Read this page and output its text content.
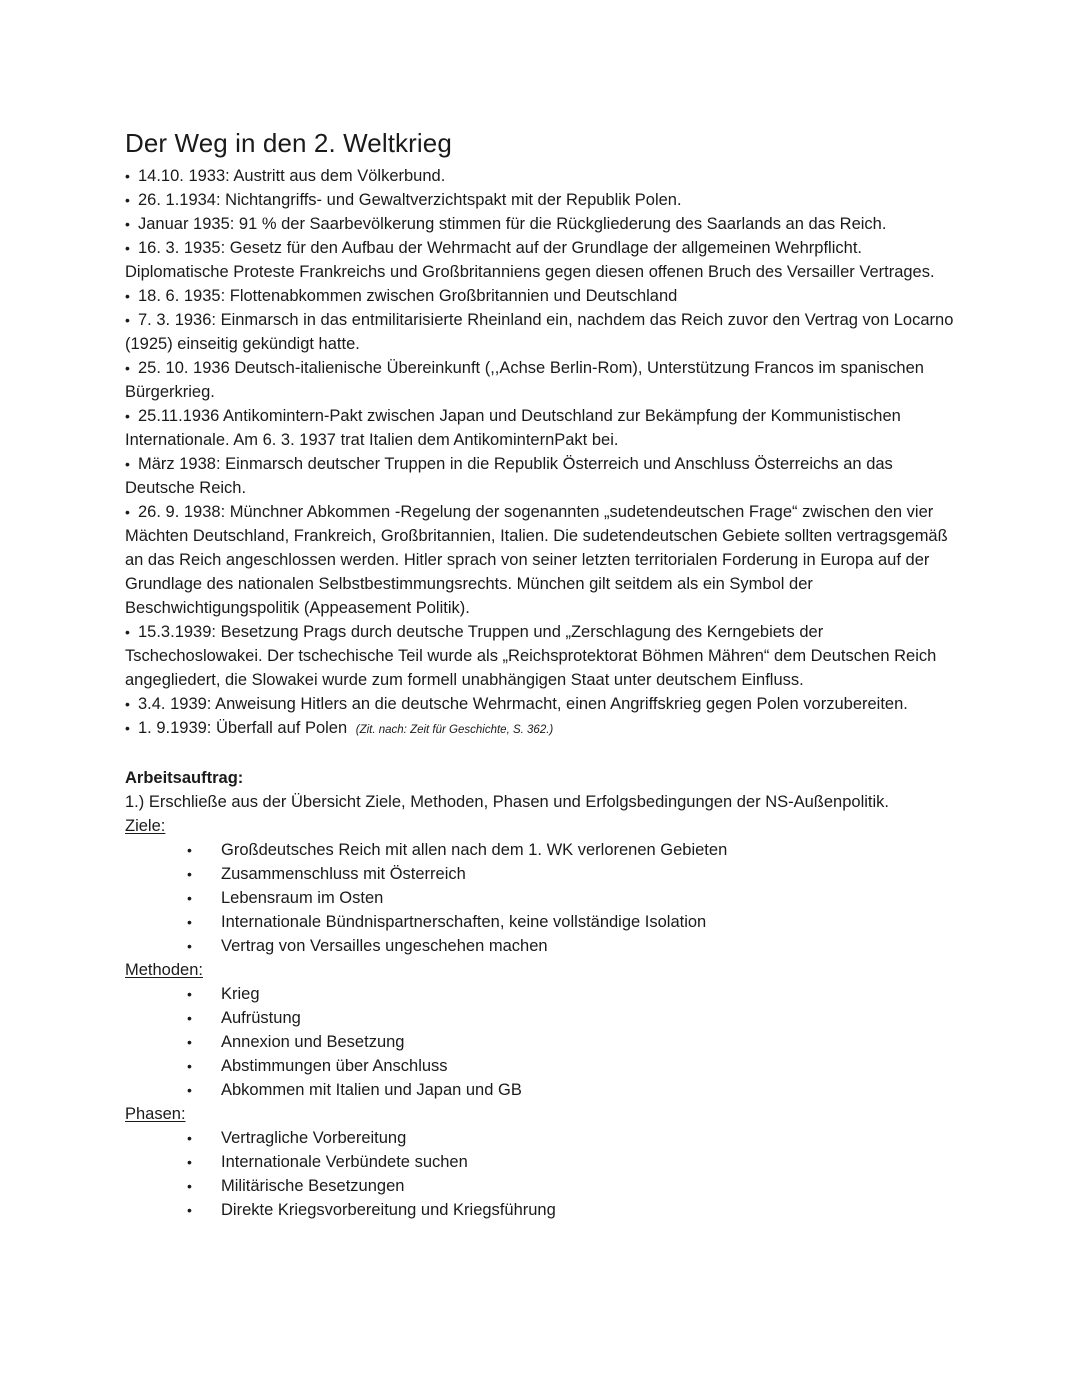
Der Weg in den 2. Weltkrieg
• 14.10. 1933: Austritt aus dem Völkerbund.
• 26. 1.1934: Nichtangriffs- und Gewaltverzichtspakt mit der Republik Polen.
• Januar 1935: 91 % der Saarbevölkerung stimmen für die Rückgliederung des Saarlands an das Reich.
• 16. 3. 1935: Gesetz für den Aufbau der Wehrmacht auf der Grundlage der allgemeinen Wehrpflicht. Diplomatische Proteste Frankreichs und Großbritanniens gegen diesen offenen Bruch des Versailler Vertrages.
• 18. 6. 1935: Flottenabkommen zwischen Großbritannien und Deutschland
• 7. 3. 1936: Einmarsch in das entmilitarisierte Rheinland ein, nachdem das Reich zuvor den Vertrag von Locarno (1925) einseitig gekündigt hatte.
• 25. 10. 1936 Deutsch-italienische Übereinkunft (,,Achse Berlin-Rom), Unterstützung Francos im spanischen Bürgerkrieg.
• 25.11.1936 Antikomintern-Pakt zwischen Japan und Deutschland zur Bekämpfung der Kommunistischen Internationale. Am 6. 3. 1937 trat Italien dem AntikominternPakt bei.
• März 1938: Einmarsch deutscher Truppen in die Republik Österreich und Anschluss Österreichs an das Deutsche Reich.
• 26. 9. 1938: Münchner Abkommen -Regelung der sogenannten „sudetendeutschen Frage“ zwischen den vier Mächten Deutschland, Frankreich, Großbritannien, Italien. Die sudetendeutschen Gebiete sollten vertragsgemäß an das Reich angeschlossen werden. Hitler sprach von seiner letzten territorialen Forderung in Europa auf der Grundlage des nationalen Selbstbestimmungsrechts. München gilt seitdem als ein Symbol der Beschwichtigungspolitik (Appeasement Politik).
• 15.3.1939: Besetzung Prags durch deutsche Truppen und „Zerschlagung des Kerngebiets der Tschechoslowakei. Der tschechische Teil wurde als „Reichsprotektorat Böhmen Mähren“ dem Deutschen Reich angegliedert, die Slowakei wurde zum formell unabhängigen Staat unter deutschem Einfluss.
• 3.4. 1939: Anweisung Hitlers an die deutsche Wehrmacht, einen Angriffskrieg gegen Polen vorzubereiten.
• 1. 9.1939: Überfall auf Polen (Zit. nach: Zeit für Geschichte, S. 362.)
Arbeitsauftrag:
1.) Erschließe aus der Übersicht Ziele, Methoden, Phasen und Erfolgsbedingungen der NS-Außenpolitik.
Ziele:
• Großdeutsches Reich mit allen nach dem 1. WK verlorenen Gebieten
• Zusammenschluss mit Österreich
• Lebensraum im Osten
• Internationale Bündnispartnerschaften, keine vollständige Isolation
• Vertrag von Versailles ungeschehen machen
Methoden:
• Krieg
• Aufrüstung
• Annexion und Besetzung
• Abstimmungen über Anschluss
• Abkommen mit Italien und Japan und GB
Phasen:
• Vertragliche Vorbereitung
• Internationale Verbündete suchen
• Militärische Besetzungen
• Direkte Kriegsvorbereitung und Kriegsführung
